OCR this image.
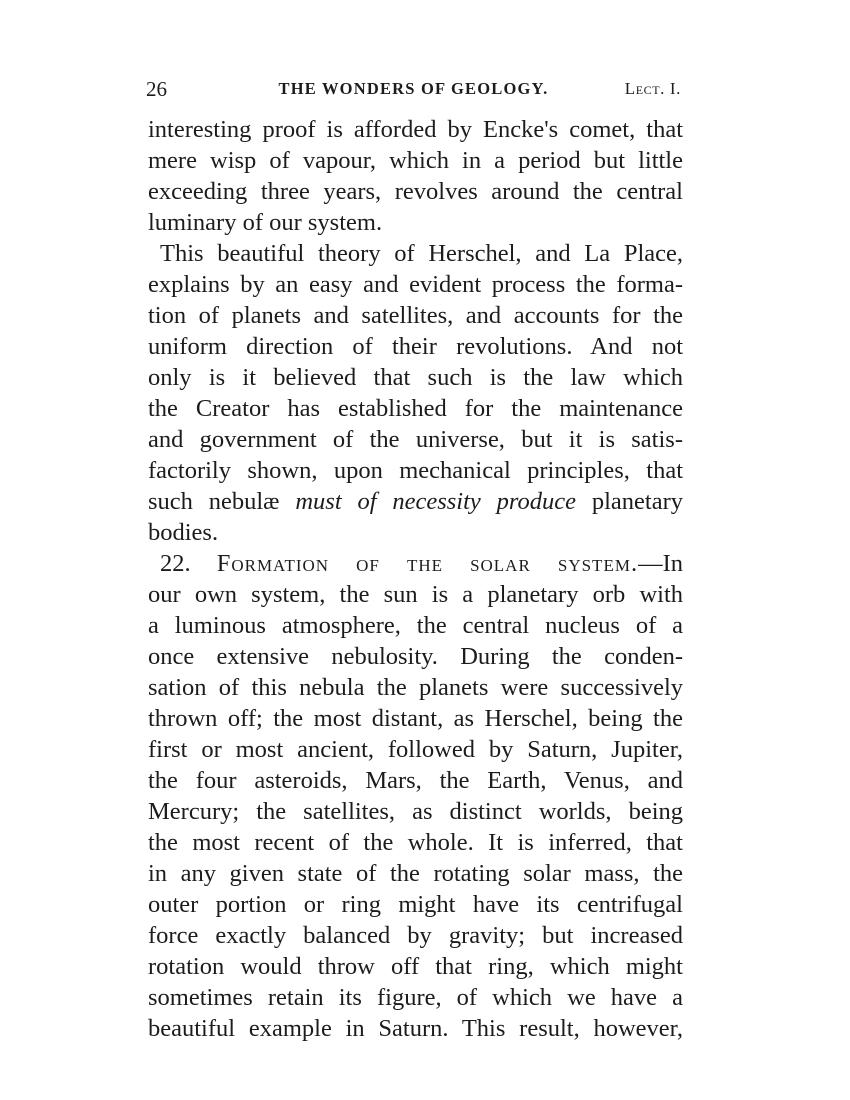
26	THE WONDERS OF GEOLOGY.	Lect. I.
interesting proof is afforded by Encke's comet, that
mere wisp of vapour, which in a period but little
exceeding three years, revolves around the central
luminary of our system.
This beautiful theory of Herschel, and La Place,
explains by an easy and evident process the forma-
tion of planets and satellites, and accounts for the
uniform direction of their revolutions. And not
only is it believed that such is the law which
the Creator has established for the maintenance
and government of the universe, but it is satis-
factorily shown, upon mechanical principles, that
such nebulæ must of necessity produce planetary
bodies.
22. Formation of the solar system.—In
our own system, the sun is a planetary orb with
a luminous atmosphere, the central nucleus of a
once extensive nebulosity. During the conden-
sation of this nebula the planets were successively
thrown off; the most distant, as Herschel, being the
first or most ancient, followed by Saturn, Jupiter,
the four asteroids, Mars, the Earth, Venus, and
Mercury; the satellites, as distinct worlds, being
the most recent of the whole. It is inferred, that
in any given state of the rotating solar mass, the
outer portion or ring might have its centrifugal
force exactly balanced by gravity; but increased
rotation would throw off that ring, which might
sometimes retain its figure, of which we have a
beautiful example in Saturn. This result, however,
